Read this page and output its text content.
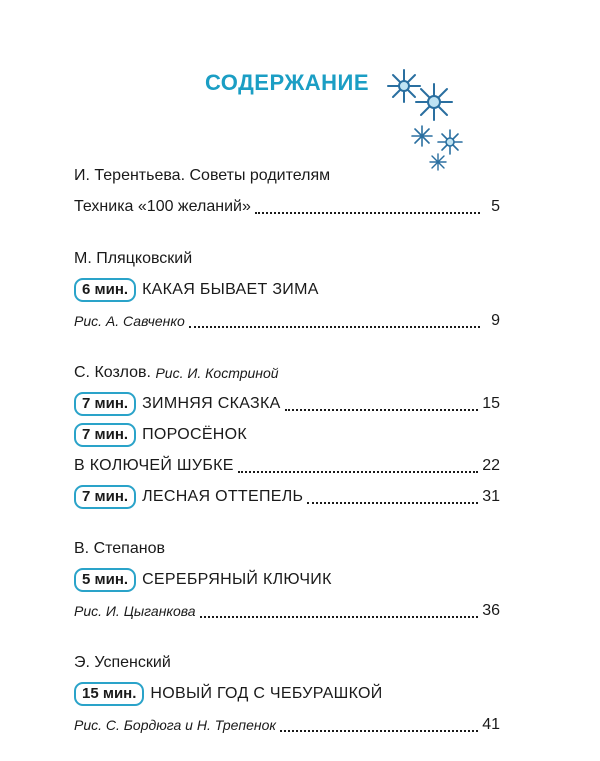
СОДЕРЖАНИЕ
И. Терентьева.
Советы родителям
Техника «100 желаний»	5
М. Пляцковский
6 мин. КАКАЯ БЫВАЕТ ЗИМА
Рис. А. Савченко	9
С. Козлов.
Рис. И. Костриной
7 мин. ЗИМНЯЯ СКАЗКА	15
7 мин. ПОРОСЁНОК
В КОЛЮЧЕЙ ШУБКЕ	22
7 мин. ЛЕСНАЯ ОТТЕПЕЛЬ	31
В. Степанов
5 мин. СЕРЕБРЯНЫЙ КЛЮЧИК
Рис. И. Цыганкова	36
Э. Успенский
15 мин. НОВЫЙ ГОД С ЧЕБУРАШКОЙ
Рис. С. Бордюга и Н. Трепенок	41
